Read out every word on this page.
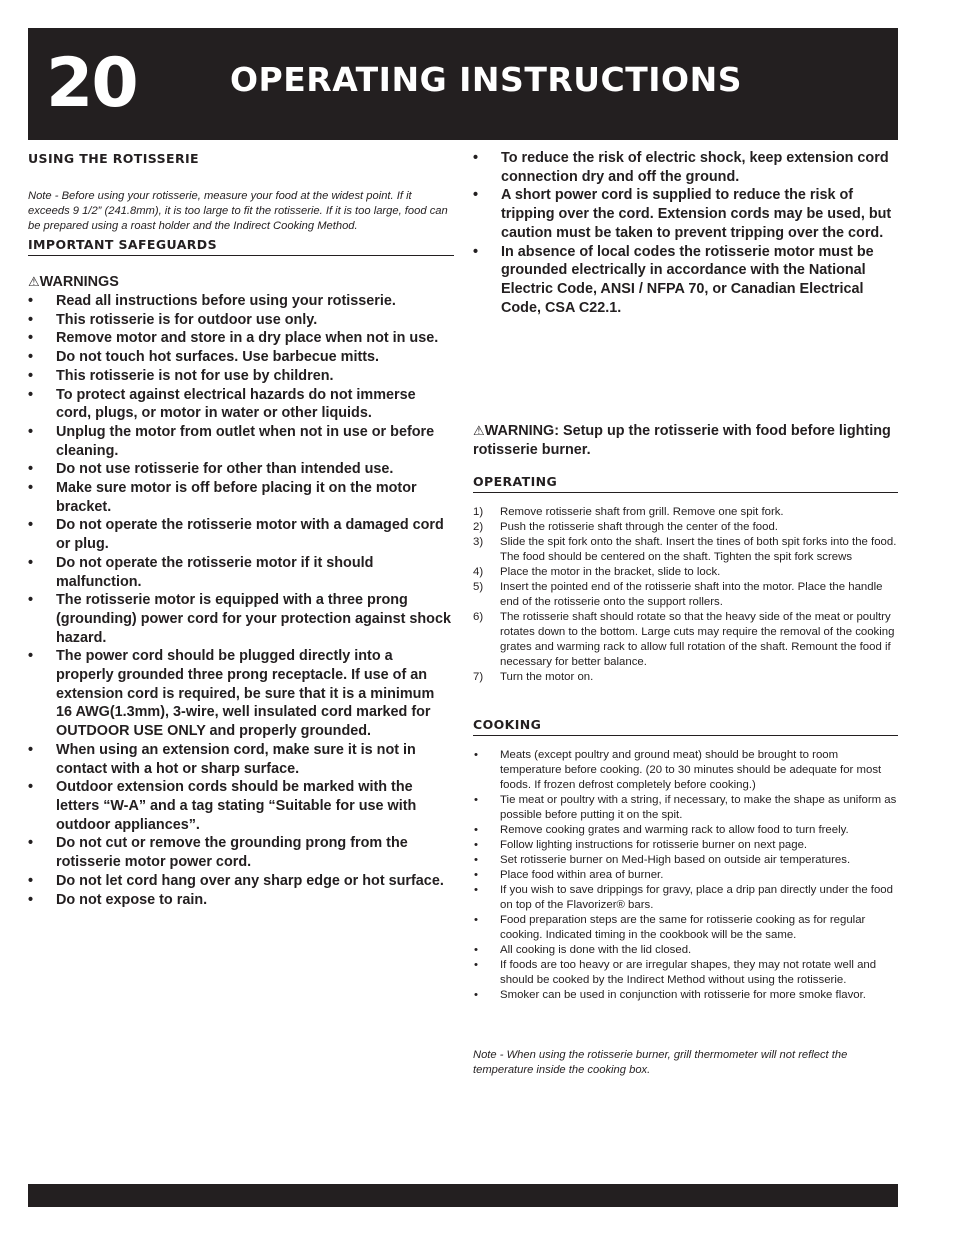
20	OPERATING INSTRUCTIONS
USING THE ROTISSERIE
Note - Before using your rotisserie, measure your food at the widest point. If it exceeds 9 1/2” (241.8mm), it is too large to fit the rotisserie. If it is too large, food can be prepared using a roast holder and the Indirect Cooking Method.
IMPORTANT SAFEGUARDS
⚠WARNINGS
• Read all instructions before using your rotisserie.
• This rotisserie is for outdoor use only.
• Remove motor and store in a dry place when not in use.
• Do not touch hot surfaces. Use barbecue mitts.
• This rotisserie is not for use by children.
• To protect against electrical hazards do not immerse cord, plugs, or motor in water or other liquids.
• Unplug the motor from outlet when not in use or before cleaning.
• Do not use rotisserie for other than intended use.
• Make sure motor is off before placing it on the motor bracket.
• Do not operate the rotisserie motor with a damaged cord or plug.
• Do not operate the rotisserie motor if it should malfunction.
• The rotisserie motor is equipped with a three prong (grounding) power cord for your protection against shock hazard.
• The power cord should be plugged directly into a properly grounded three prong receptacle. If use of an extension cord is required, be sure that it is a minimum 16 AWG(1.3mm), 3-wire, well insulated cord marked for OUTDOOR USE ONLY and properly grounded.
• When using an extension cord, make sure it is not in contact with a hot or sharp surface.
• Outdoor extension cords should be marked with the letters “W-A” and a tag stating “Suitable for use with outdoor appliances”.
• Do not cut or remove the grounding prong from the rotisserie motor power cord.
• Do not let cord hang over any sharp edge or hot surface.
• Do not expose to rain.
• To reduce the risk of electric shock, keep extension cord connection dry and off the ground.
• A short power cord is supplied to reduce the risk of tripping over the cord. Extension cords may be used, but caution must be taken to prevent tripping over the cord.
• In absence of local codes the rotisserie motor must be grounded electrically in accordance with the National Electric Code, ANSI / NFPA 70, or Canadian Electrical Code, CSA C22.1.
⚠WARNING: Setup up the rotisserie with food before lighting rotisserie burner.
OPERATING
1) Remove rotisserie shaft from grill. Remove one spit fork.
2) Push the rotisserie shaft through the center of the food.
3) Slide the spit fork onto the shaft. Insert the tines of both spit forks into the food. The food should be centered on the shaft. Tighten the spit fork screws
4) Place the motor in the bracket, slide to lock.
5) Insert the pointed end of the rotisserie shaft into the motor. Place the handle end of the rotisserie onto the support rollers.
6) The rotisserie shaft should rotate so that the heavy side of the meat or poultry rotates down to the bottom. Large cuts may require the removal of the cooking grates and warming rack to allow full rotation of the shaft. Remount the food if necessary for better balance.
7) Turn the motor on.
COOKING
• Meats (except poultry and ground meat) should be brought to room temperature before cooking. (20 to 30 minutes should be adequate for most foods. If frozen defrost completely before cooking.)
• Tie meat or poultry with a string, if necessary, to make the shape as uniform as possible before putting it on the spit.
• Remove cooking grates and warming rack to allow food to turn freely.
• Follow lighting instructions for rotisserie burner on next page.
• Set rotisserie burner on Med-High based on outside air temperatures.
• Place food within area of burner.
• If you wish to save drippings for gravy, place a drip pan directly under the food on top of the Flavorizer® bars.
• Food preparation steps are the same for rotisserie cooking as for regular cooking. Indicated timing in the cookbook will be the same.
• All cooking is done with the lid closed.
• If foods are too heavy or are irregular shapes, they may not rotate well and should be cooked by the Indirect Method without using the rotisserie.
• Smoker can be used in conjunction with rotisserie for more smoke flavor.
Note - When using the rotisserie burner, grill thermometer will not reflect the temperature inside the cooking box.
